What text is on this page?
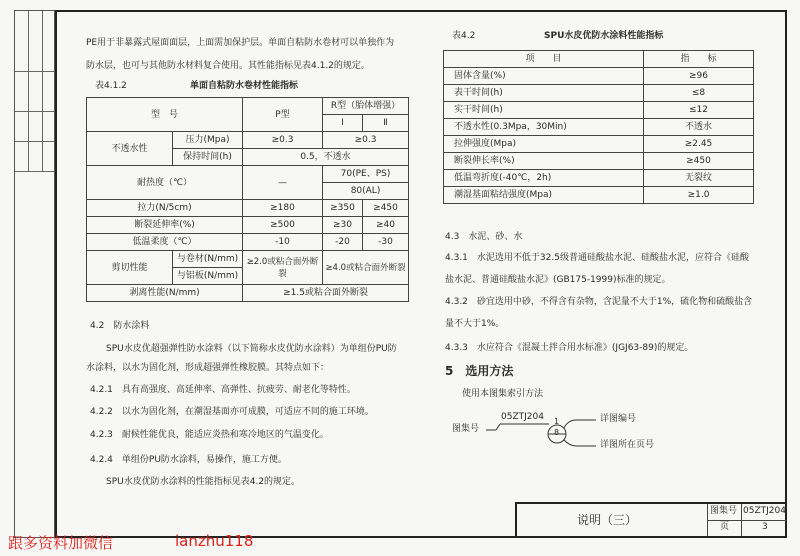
PE用于非暴露式屋面面层，上面需加保护层。单面自粘防水卷材可以单独作为
防水层，也可与其他防水材料复合使用。其性能指标见表4.1.2的规定。
表4.1.2	单面自粘防水卷材性能指标
型　号		P型	R型（胎体增强）	
			Ⅰ	Ⅱ
不透水性	压力(Mpa)	≥0.3	≥0.3	
	保持时间(h)	0.5，不透水		
耐热度（℃）		—	70(PE、PS)	
			80(AL)	
拉力(N/5cm)		≥180	≥350	≥450
断裂延伸率(%)		≥500	≥30	≥40
低温柔度（℃）		-10	-20	-30
剪切性能	与卷材(N/mm)	≥2.0或粘合面外断裂	≥4.0或粘合面外断裂	
	与铝板(N/mm)			
剥离性能(N/mm)		≥1.5或粘合面外断裂		
4.2　防水涂料
SPU水皮优超强弹性防水涂料（以下简称水皮优防水涂料）为单组份PU防
水涂料，以水为固化剂，形成超强弹性橡胶膜。其特点如下：
4.2.1　具有高强度、高延伸率、高弹性、抗疲劳、耐老化等特性。
4.2.2　以水为固化剂，在潮湿基面亦可成膜，可适应不同的施工环境。
4.2.3　耐候性能优良，能适应炎热和寒冷地区的气温变化。
4.2.4　单组份PU防水涂料，易操作，施工方便。
SPU水皮优防水涂料的性能指标见表4.2的规定。
表4.2	SPU水皮优防水涂料性能指标
项　　目	指　　标
固体含量(%)	≥96
表干时间(h)	≤8
实干时间(h)	≤12
不透水性(0.3Mpa，30Min)	不透水
拉伸强度(Mpa)	≥2.45
断裂伸长率(%)	≥450
低温弯折度(-40℃，2h)	无裂纹
潮湿基面粘结强度(Mpa)	≥1.0
4.3　水泥、砂、水
4.3.1　水泥选用不低于32.5级普通硅酸盐水泥、硅酸盐水泥，应符合《硅酸
盐水泥、普通硅酸盐水泥》(GB175-1999)标准的规定。
4.3.2　砂宜选用中砂，不得含有杂物，含泥量不大于1%，硫化物和硫酸盐含
量不大于1%。
4.3.3　水应符合《混凝土拌合用水标准》(JGJ63-89)的规定。
5　选用方法
使用本图集索引方法
图集号
05ZTJ204 1
8
详图编号
详图所在页号
说明（三）
图集号 05ZTJ204
页	3
跟多资料加微信	ianzhu118
